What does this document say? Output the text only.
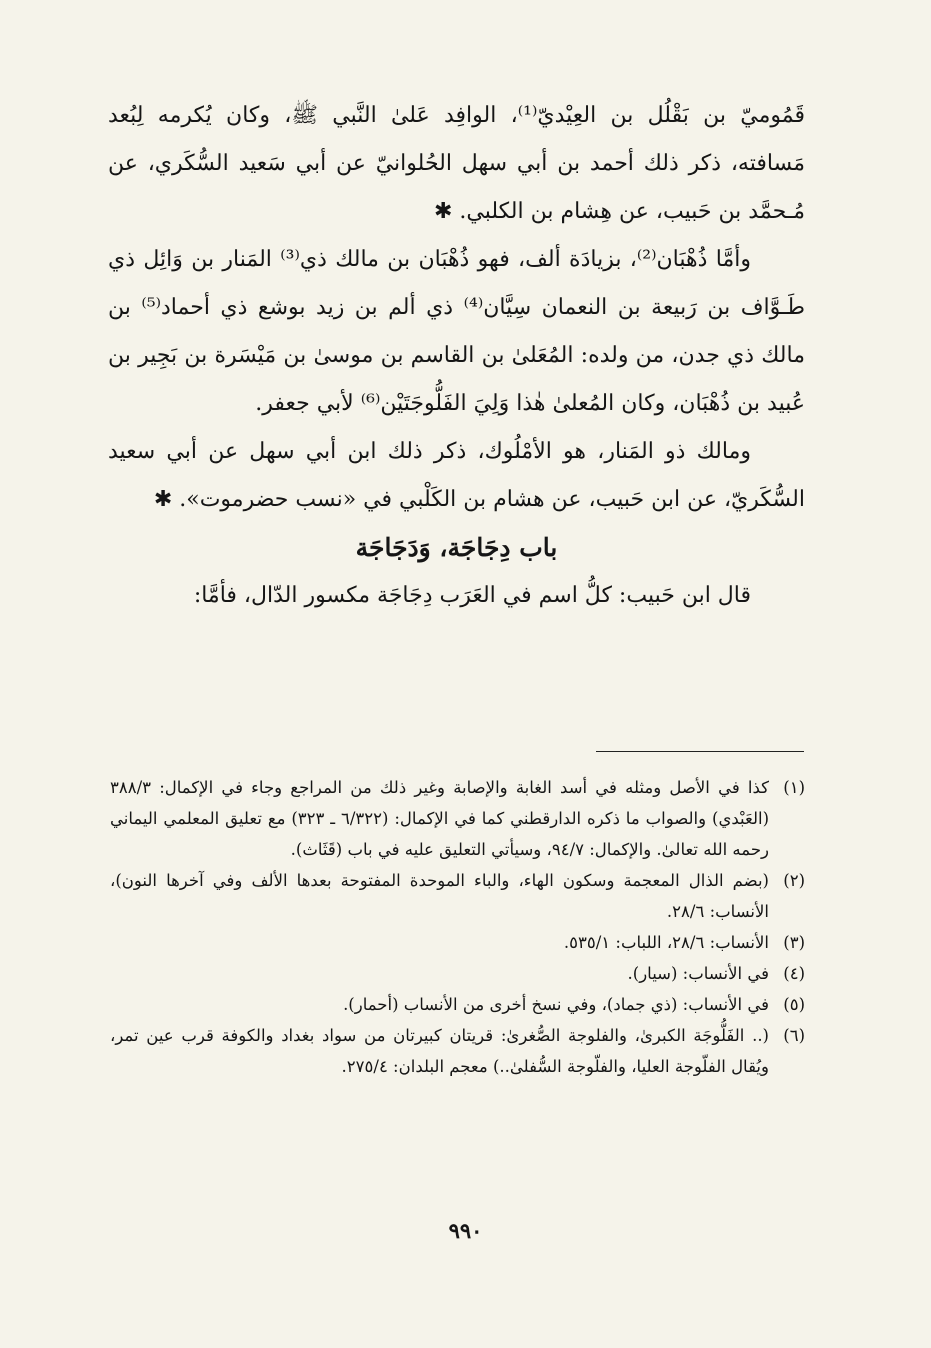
قَمُوميّ بن بَقْلُل بن العِيْديّ⁽¹⁾، الوافِد عَلىٰ النَّبي ﷺ، وكان يُكرمه لِبُعد مَسافته، ذكر ذلك أحمد بن أبي سهل الحُلوانيّ عن أبي سَعيد السُّكَري، عن مُـحمَّد بن حَبيب، عن هِشام بن الكلبي. ✱

وأمَّا ذُهْبَان⁽²⁾، بزيادَة ألف، فهو ذُهْبَان بن مالك ذي⁽³⁾ المَنار بن وَائِل ذي طَـوَّاف بن رَبيعة بن النعمان سِيَّان⁽⁴⁾ ذي ألم بن زيد بوشع ذي أحماد⁽⁵⁾ بن مالك ذي جدن، من ولده: المُعَلىٰ بن القاسم بن موسىٰ بن مَيْسَرة بن بَجِير بن عُبيد بن ذُهْبَان، وكان المُعلىٰ هٰذا وَلِيَ الفَلُّوجَتَيْن⁽⁶⁾ لأبي جعفر.

ومالك ذو المَنار، هو الأمْلُوك، ذكر ذلك ابن أبي سهل عن أبي سعيد السُّكَريّ، عن ابن حَبيب، عن هشام بن الكَلْبي في «نسب حضرموت». ✱

باب دِجَاجَة، وَدَجَاجَة

قال ابن حَبيب: كلُّ اسم في العَرَب دِجَاجَة مكسور الدّال، فأمَّا:

(١)
كذا في الأصل ومثله في أسد الغابة والإصابة وغير ذلك من المراجع وجاء في الإكمال: ٣٨٨/٣ (العَبْدي) والصواب ما ذكره الدارقطني كما في الإكمال: (٦/٣٢٢ ـ ٣٢٣) مع تعليق المعلمي اليماني رحمه الله تعالىٰ. والإكمال: ٩٤/٧، وسيأتي التعليق عليه في باب (قَثَاث).
(٢)
(بضم الذال المعجمة وسكون الهاء، والباء الموحدة المفتوحة بعدها الألف وفي آخرها النون)، الأنساب: ٢٨/٦.
(٣)
الأنساب: ٢٨/٦، اللباب: ٥٣٥/١.
(٤)
في الأنساب: (سيار).
(٥)
في الأنساب: (ذي جماد)، وفي نسخ أخرى من الأنساب (أحمار).
(٦)
(.. الفَلُّوجَة الكبرىٰ، والفلوجة الصُّغرىٰ: قريتان كبيرتان من سواد بغداد والكوفة قرب عين تمر، ويُقال الفلّوجة العليا، والفلّوجة السُّفلىٰ..) معجم البلدان: ٢٧٥/٤.
٩٩٠
